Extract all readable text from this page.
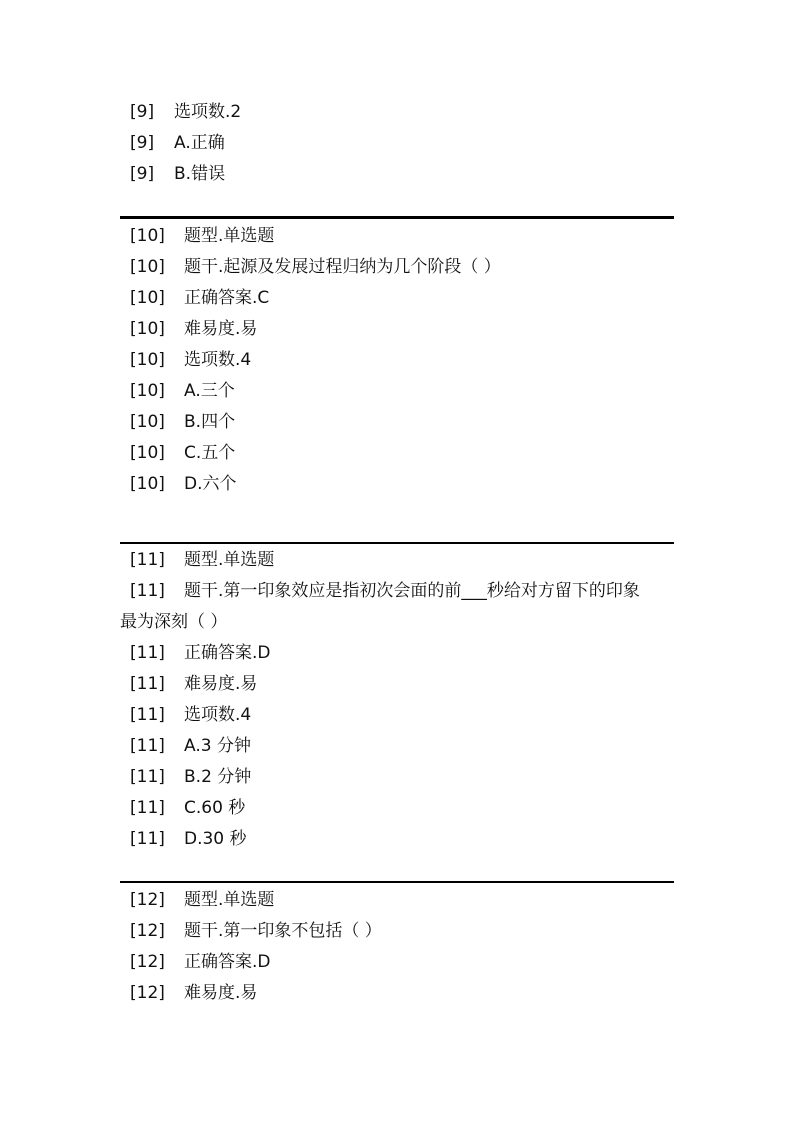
[9] 选项数.2
[9] A.正确
[9] B.错误
[10] 题型.单选题
[10] 题干.起源及发展过程归纳为几个阶段（ ）
[10] 正确答案.C
[10] 难易度.易
[10] 选项数.4
[10] A.三个
[10] B.四个
[10] C.五个
[10] D.六个
[11] 题型.单选题
[11] 题干.第一印象效应是指初次会面的前___秒给对方留下的印象
最为深刻（ ）
[11] 正确答案.D
[11] 难易度.易
[11] 选项数.4
[11] A.3 分钟
[11] B.2 分钟
[11] C.60 秒
[11] D.30 秒
[12] 题型.单选题
[12] 题干.第一印象不包括（ ）
[12] 正确答案.D
[12] 难易度.易
